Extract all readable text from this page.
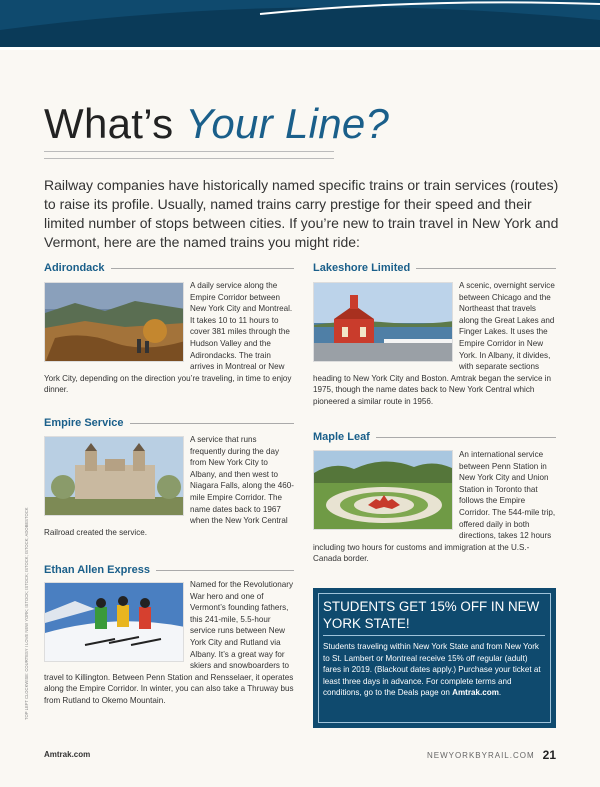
What’s Your Line?

Railway companies have historically named specific trains or train services (routes) to raise its profile. Usually, named trains carry prestige for their speed and their limited number of stops between cities. If you’re new to train travel in New York and Vermont, here are the named trains you might ride:

Adirondack

A daily service along the Empire Corridor between New York City and Montreal. It takes 10 to 11 hours to cover 381 miles through the Hudson Valley and the Adirondacks. The train arrives in Montreal or New York City, depending on the direction you’re traveling, in time to enjoy dinner.

Empire Service

A service that runs frequently during the day from New York City to Albany, and then west to Niagara Falls, along the 460-mile Empire Corridor. The name dates back to 1967 when the New York Central Railroad created the service.

Ethan Allen Express

Named for the Revolutionary War hero and one of Vermont’s founding fathers, this 241-mile, 5.5-hour service runs between New York City and Rutland via Albany. It’s a great way for skiers and snowboarders to travel to Killington. Between Penn Station and Rensselaer, it operates along the Empire Corridor. In winter, you can also take a Thruway bus from Rutland to Okemo Mountain.

Lakeshore Limited

A scenic, overnight service between Chicago and the Northeast that travels along the Great Lakes and Finger Lakes. It uses the Empire Corridor in New York. In Albany, it divides, with separate sections heading to New York City and Boston. Amtrak began the service in 1975, though the name dates back to New York Central which pioneered a similar route in 1956.

Maple Leaf

An international service between Penn Station in New York City and Union Station in Toronto that follows the Empire Corridor. The 544-mile trip, offered daily in both directions, takes 12 hours including two hours for customs and immigration at the U.S.-Canada border.

STUDENTS GET 15% OFF IN NEW YORK STATE!
Students traveling within New York State and from New York to St. Lambert or Montreal receive 15% off regular (adult) fares in 2019. (Blackout dates apply.) Purchase your ticket at least three days in advance. For complete terms and conditions, go to the Deals page on Amtrak.com.
TOP LEFT CLOCKWISE: COURTESY I LOVE NEW YORK; ISTOCK; ISTOCK; ISTOCK; ISTOCK; ADOBESTOCK
Amtrak.com	NEWYORKBYRAIL.COM 21
